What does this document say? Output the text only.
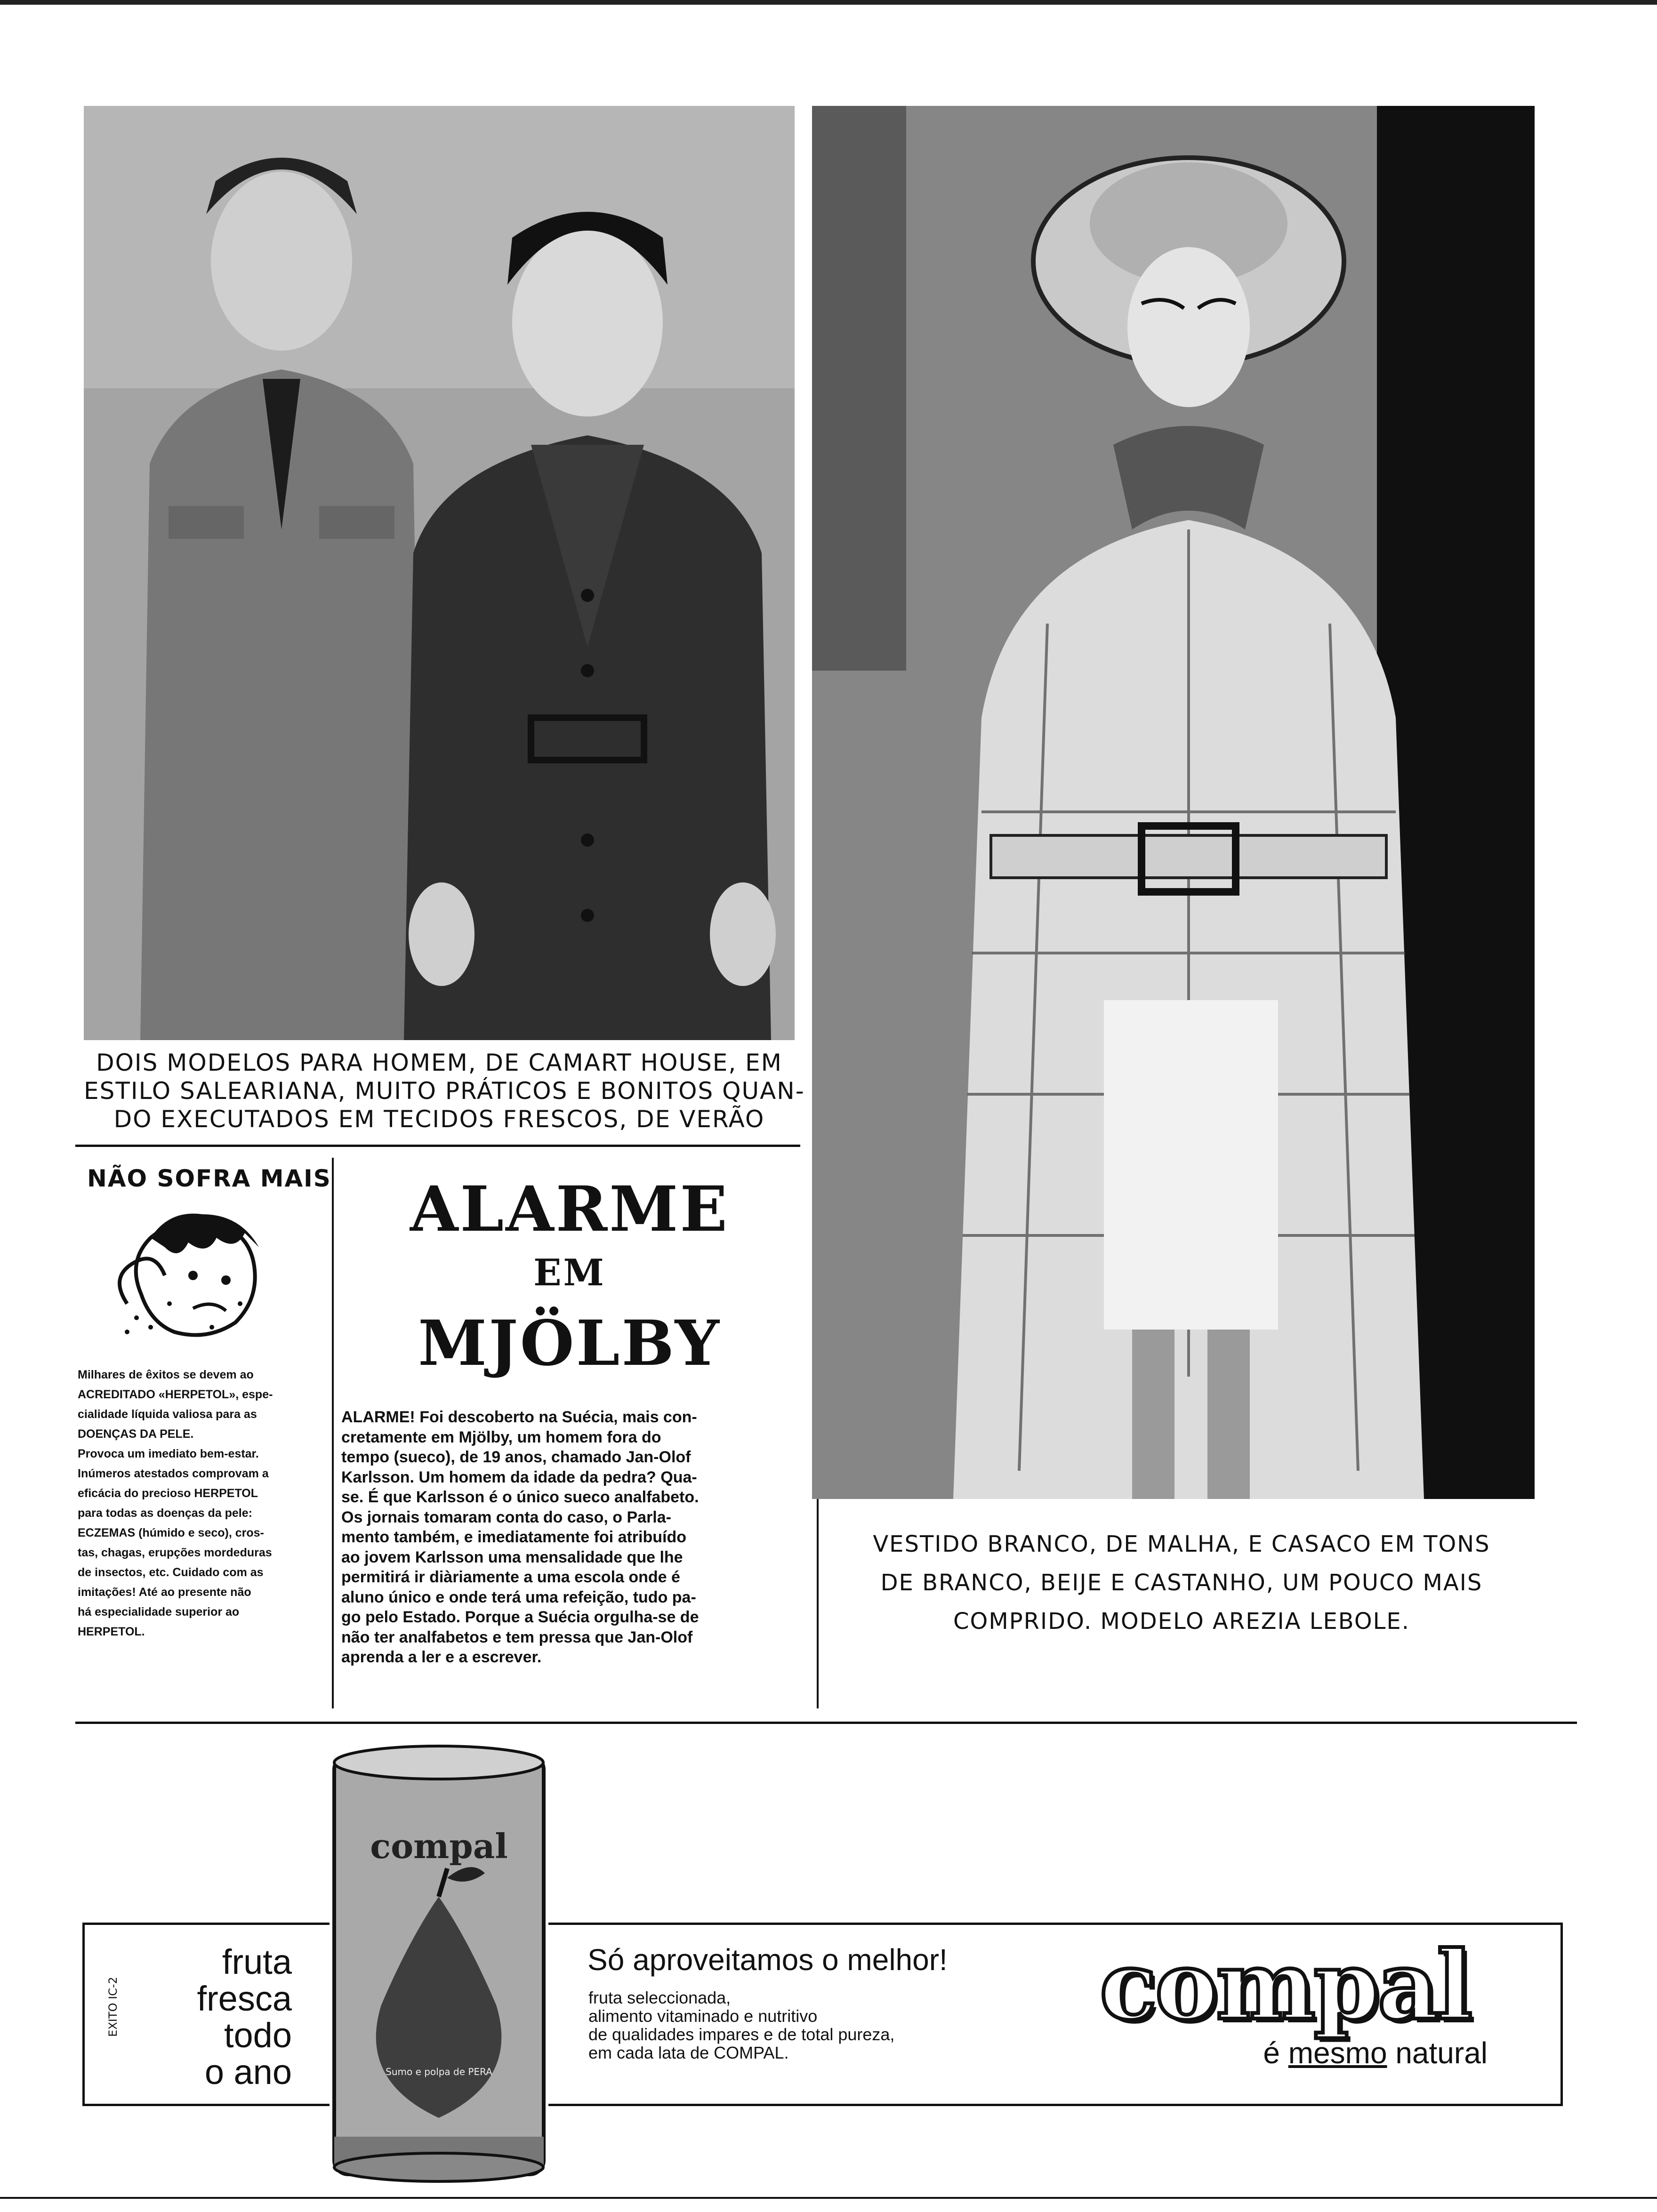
DOIS MODELOS PARA HOMEM, DE CAMART HOUSE, EM
ESTILO SALEARIANA, MUITO PRÁTICOS E BONITOS QUAN-
DO EXECUTADOS EM TECIDOS FRESCOS, DE VERÃO
NÃO SOFRA MAIS
Milhares de êxitos se devem ao
ACREDITADO «HERPETOL», espe-
cialidade líquida valiosa para as
DOENÇAS DA PELE.
Provoca um imediato bem-estar.
Inúmeros atestados comprovam a
eficácia do precioso HERPETOL
para todas as doenças da pele:
ECZEMAS (húmido e seco), cros-
tas, chagas, erupções mordeduras
de insectos, etc. Cuidado com as
imitações! Até ao presente não
há especialidade superior ao
HERPETOL.
ALARME
EM
MJÖLBY
ALARME! Foi descoberto na Suécia, mais con-
cretamente em Mjölby, um homem fora do
tempo (sueco), de 19 anos, chamado Jan-Olof
Karlsson. Um homem da idade da pedra? Qua-
se. É que Karlsson é o único sueco analfabeto.
Os jornais tomaram conta do caso, o Parla-
mento também, e imediatamente foi atribuído
ao jovem Karlsson uma mensalidade que lhe
permitirá ir diàriamente a uma escola onde é
aluno único e onde terá uma refeição, tudo pa-
go pelo Estado. Porque a Suécia orgulha-se de
não ter analfabetos e tem pressa que Jan-Olof
aprenda a ler e a escrever.
VESTIDO BRANCO, DE MALHA, E CASACO EM TONS
DE BRANCO, BEIJE E CASTANHO, UM POUCO MAIS
COMPRIDO. MODELO AREZIA LEBOLE.
EXITO IC-2
fruta
fresca
todo
o ano
compal
Sumo e polpa de PERA
Só aproveitamos o melhor!
fruta seleccionada,
alimento vitaminado e nutritivo
de qualidades impares e de total pureza,
em cada lata de COMPAL.
compal
é mesmo natural
